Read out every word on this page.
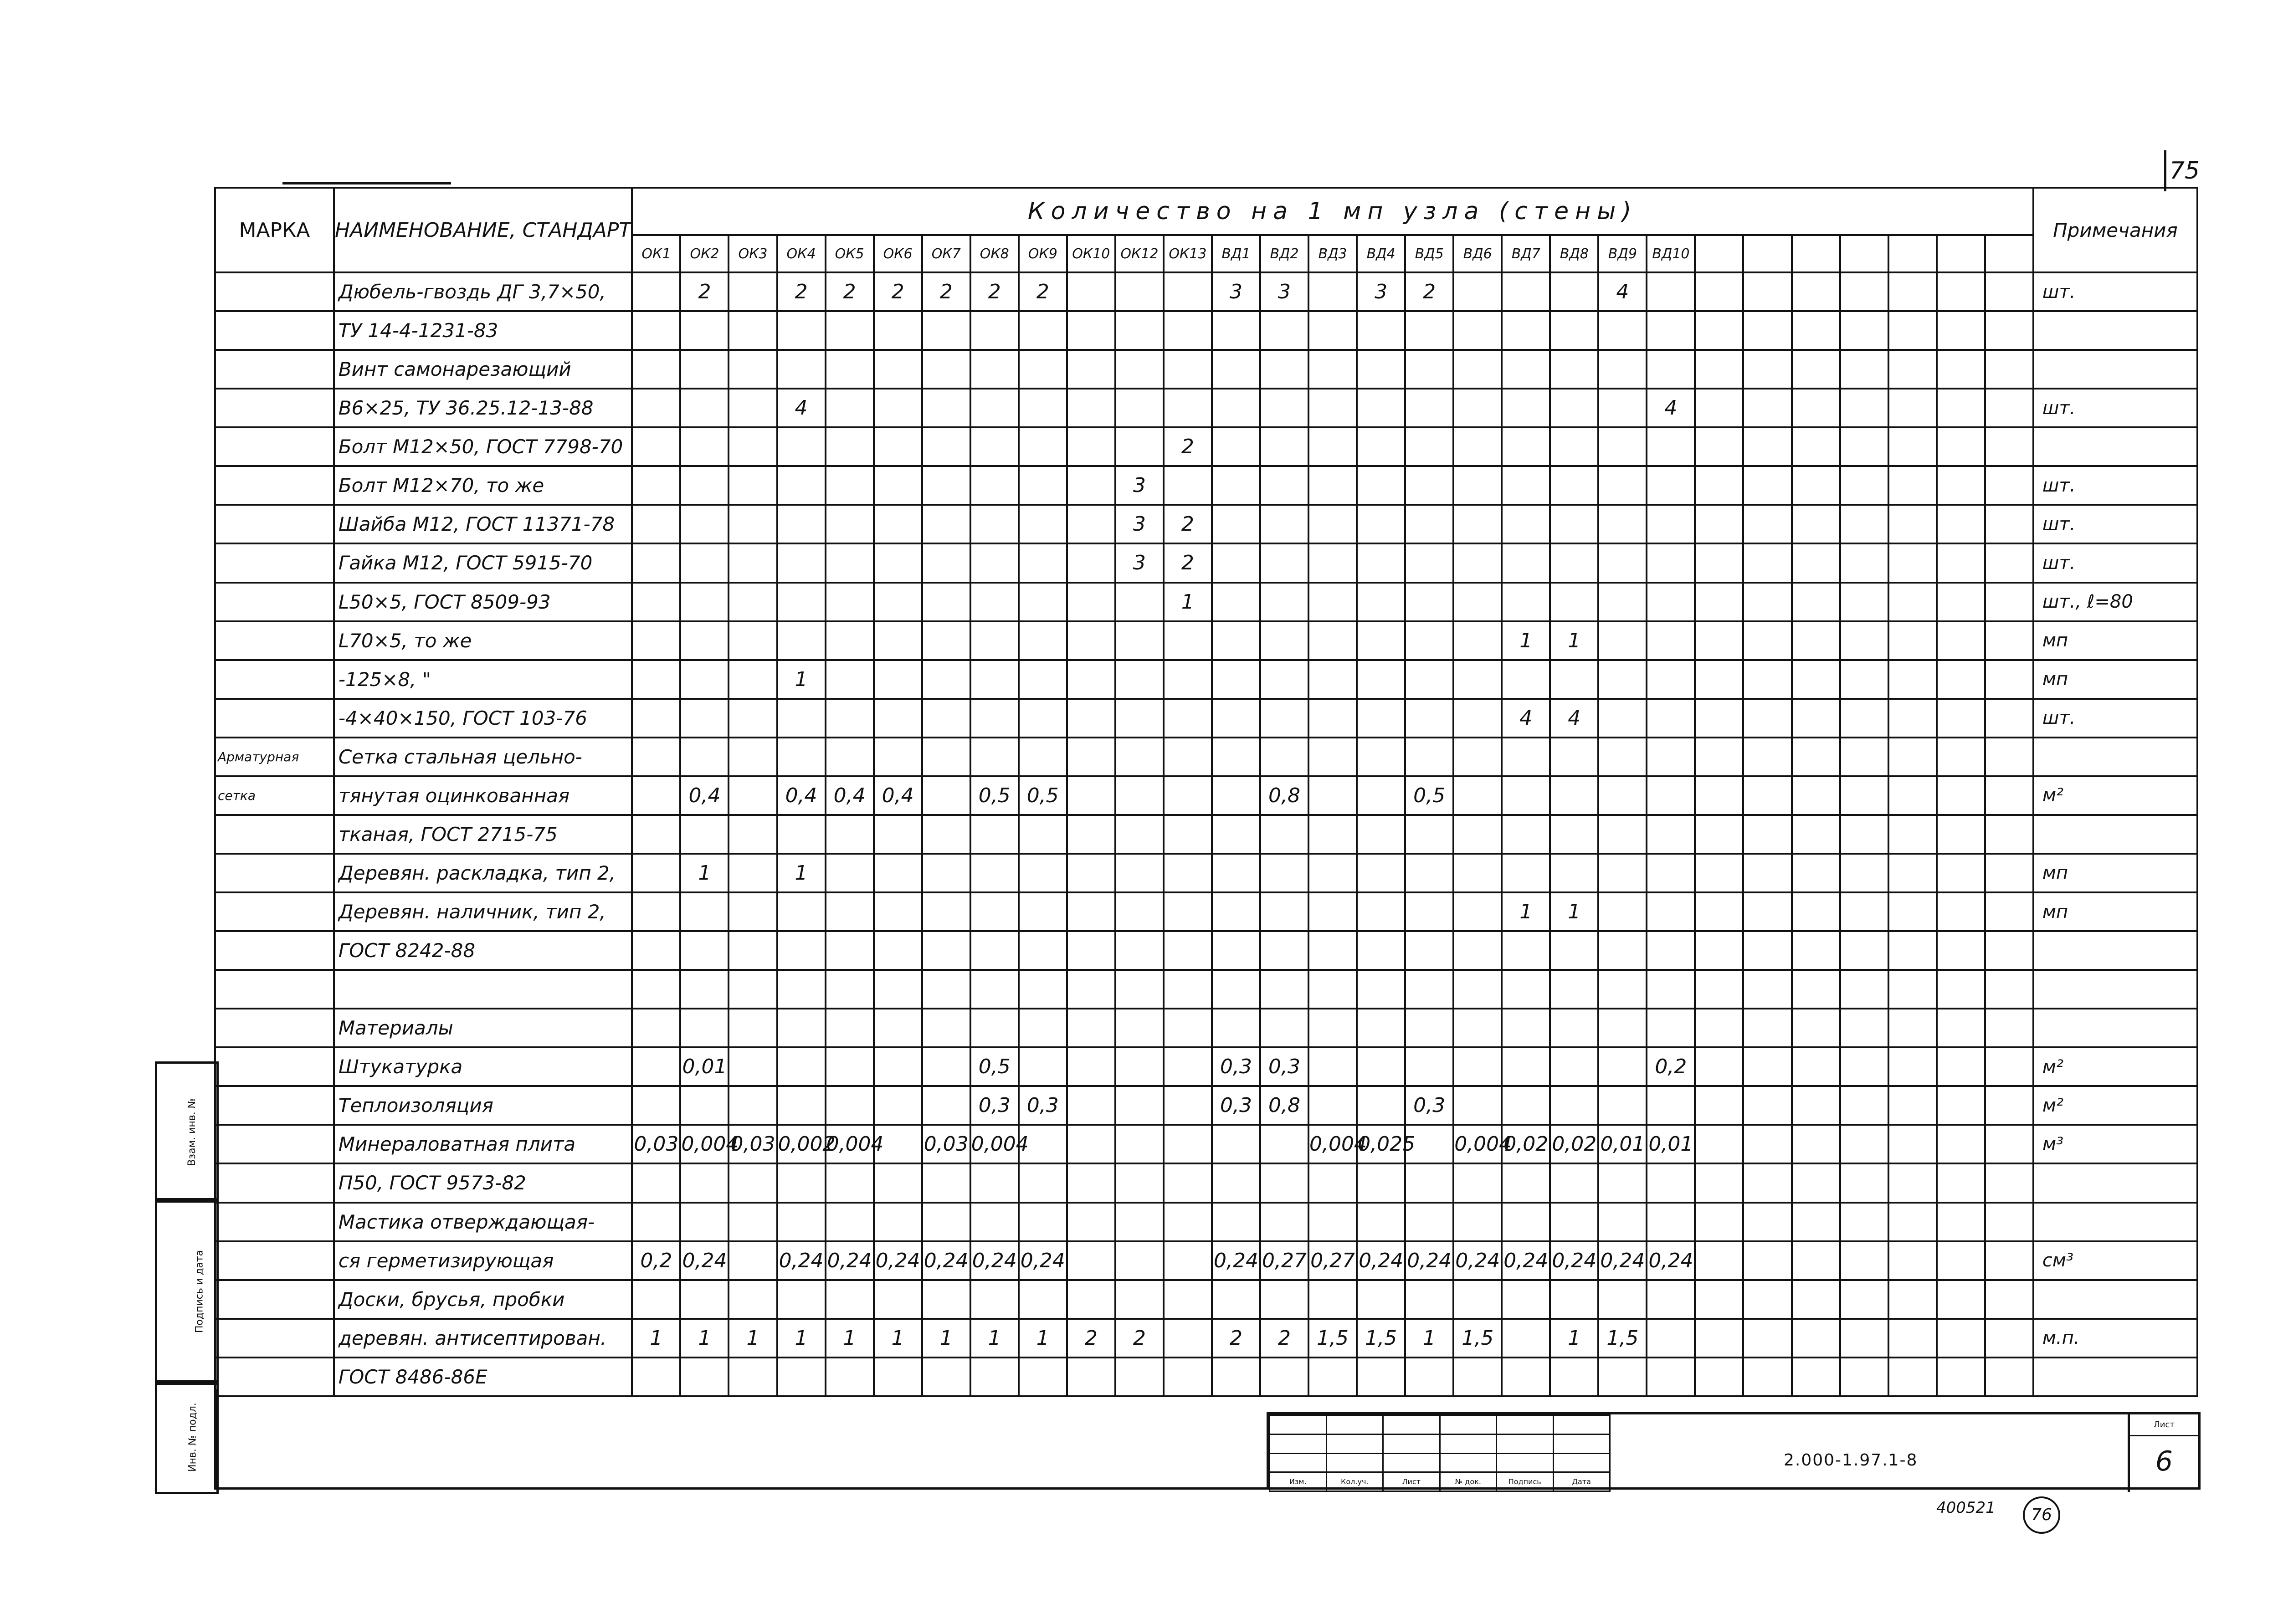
75
МАРКА	НАИМЕНОВАНИЕ, СТАНДАРТ	Количество на 1 мп узла (стены)																													Примечания
		ОК1	ОК2	ОК3	ОК4	ОК5	ОК6	ОК7	ОК8	ОК9	ОК10	ОК12	ОК13	ВД1	ВД2	ВД3	ВД4	ВД5	ВД6	ВД7	ВД8	ВД9	ВД10								
	Дюбель-гвоздь ДГ 3,7×50,		2		2	2	2	2	2	2				3	3		3	2				4									шт.
	ТУ 14-4-1231-83																														
	Винт самонарезающий																														
	В6×25, ТУ 36.25.12-13-88				4																		4								шт.
	Болт М12×50, ГОСТ 7798-70												2																		
	Болт М12×70, то же											3																			шт.
	Шайба М12, ГОСТ 11371-78											3	2																		шт.
	Гайка М12, ГОСТ 5915-70											3	2																		шт.
	L50×5, ГОСТ 8509-93												1																		шт., ℓ=80
	L70×5, то же																			1	1										мп
	-125×8, "				1																										мп
	-4×40×150, ГОСТ 103-76																			4	4										шт.
Арматурная	Сетка стальная цельно-																														
сетка	тянутая оцинкованная		0,4		0,4	0,4	0,4		0,5	0,5					0,8			0,5													м²
	тканая, ГОСТ 2715-75																														
	Деревян. раскладка, тип 2,		1		1																										мп
	Деревян. наличник, тип 2,																			1	1										мп
	ГОСТ 8242-88																														

	Материалы																														
	Штукатурка		0,01						0,5					0,3	0,3								0,2								м²
	Теплоизоляция								0,3	0,3				0,3	0,8			0,3													м²
	Минераловатная плита	0,03	0,004	0,03	0,002	0,004		0,03	0,004							0,004	0,025		0,004	0,02	0,02	0,01	0,01								м³
	П50, ГОСТ 9573-82																														
	Мастика отверждающая-																														
	ся герметизирующая	0,2	0,24		0,24	0,24	0,24	0,24	0,24	0,24				0,24	0,27	0,27	0,24	0,24	0,24	0,24	0,24	0,24	0,24								см³
	Доски, брусья, пробки																														
	деревян. антисептирован.	1	1	1	1	1	1	1	1	1	2	2		2	2	1,5	1,5	1	1,5		1	1,5									м.п.
	ГОСТ 8486-86Е																														
Взам. инв. №
Подпись и дата
Инв. № подл.

Изм.	Кол.уч.	Лист	№ док.	Подпись	Дата
2.000-1.97.1-8
Лист
6
400521	76
